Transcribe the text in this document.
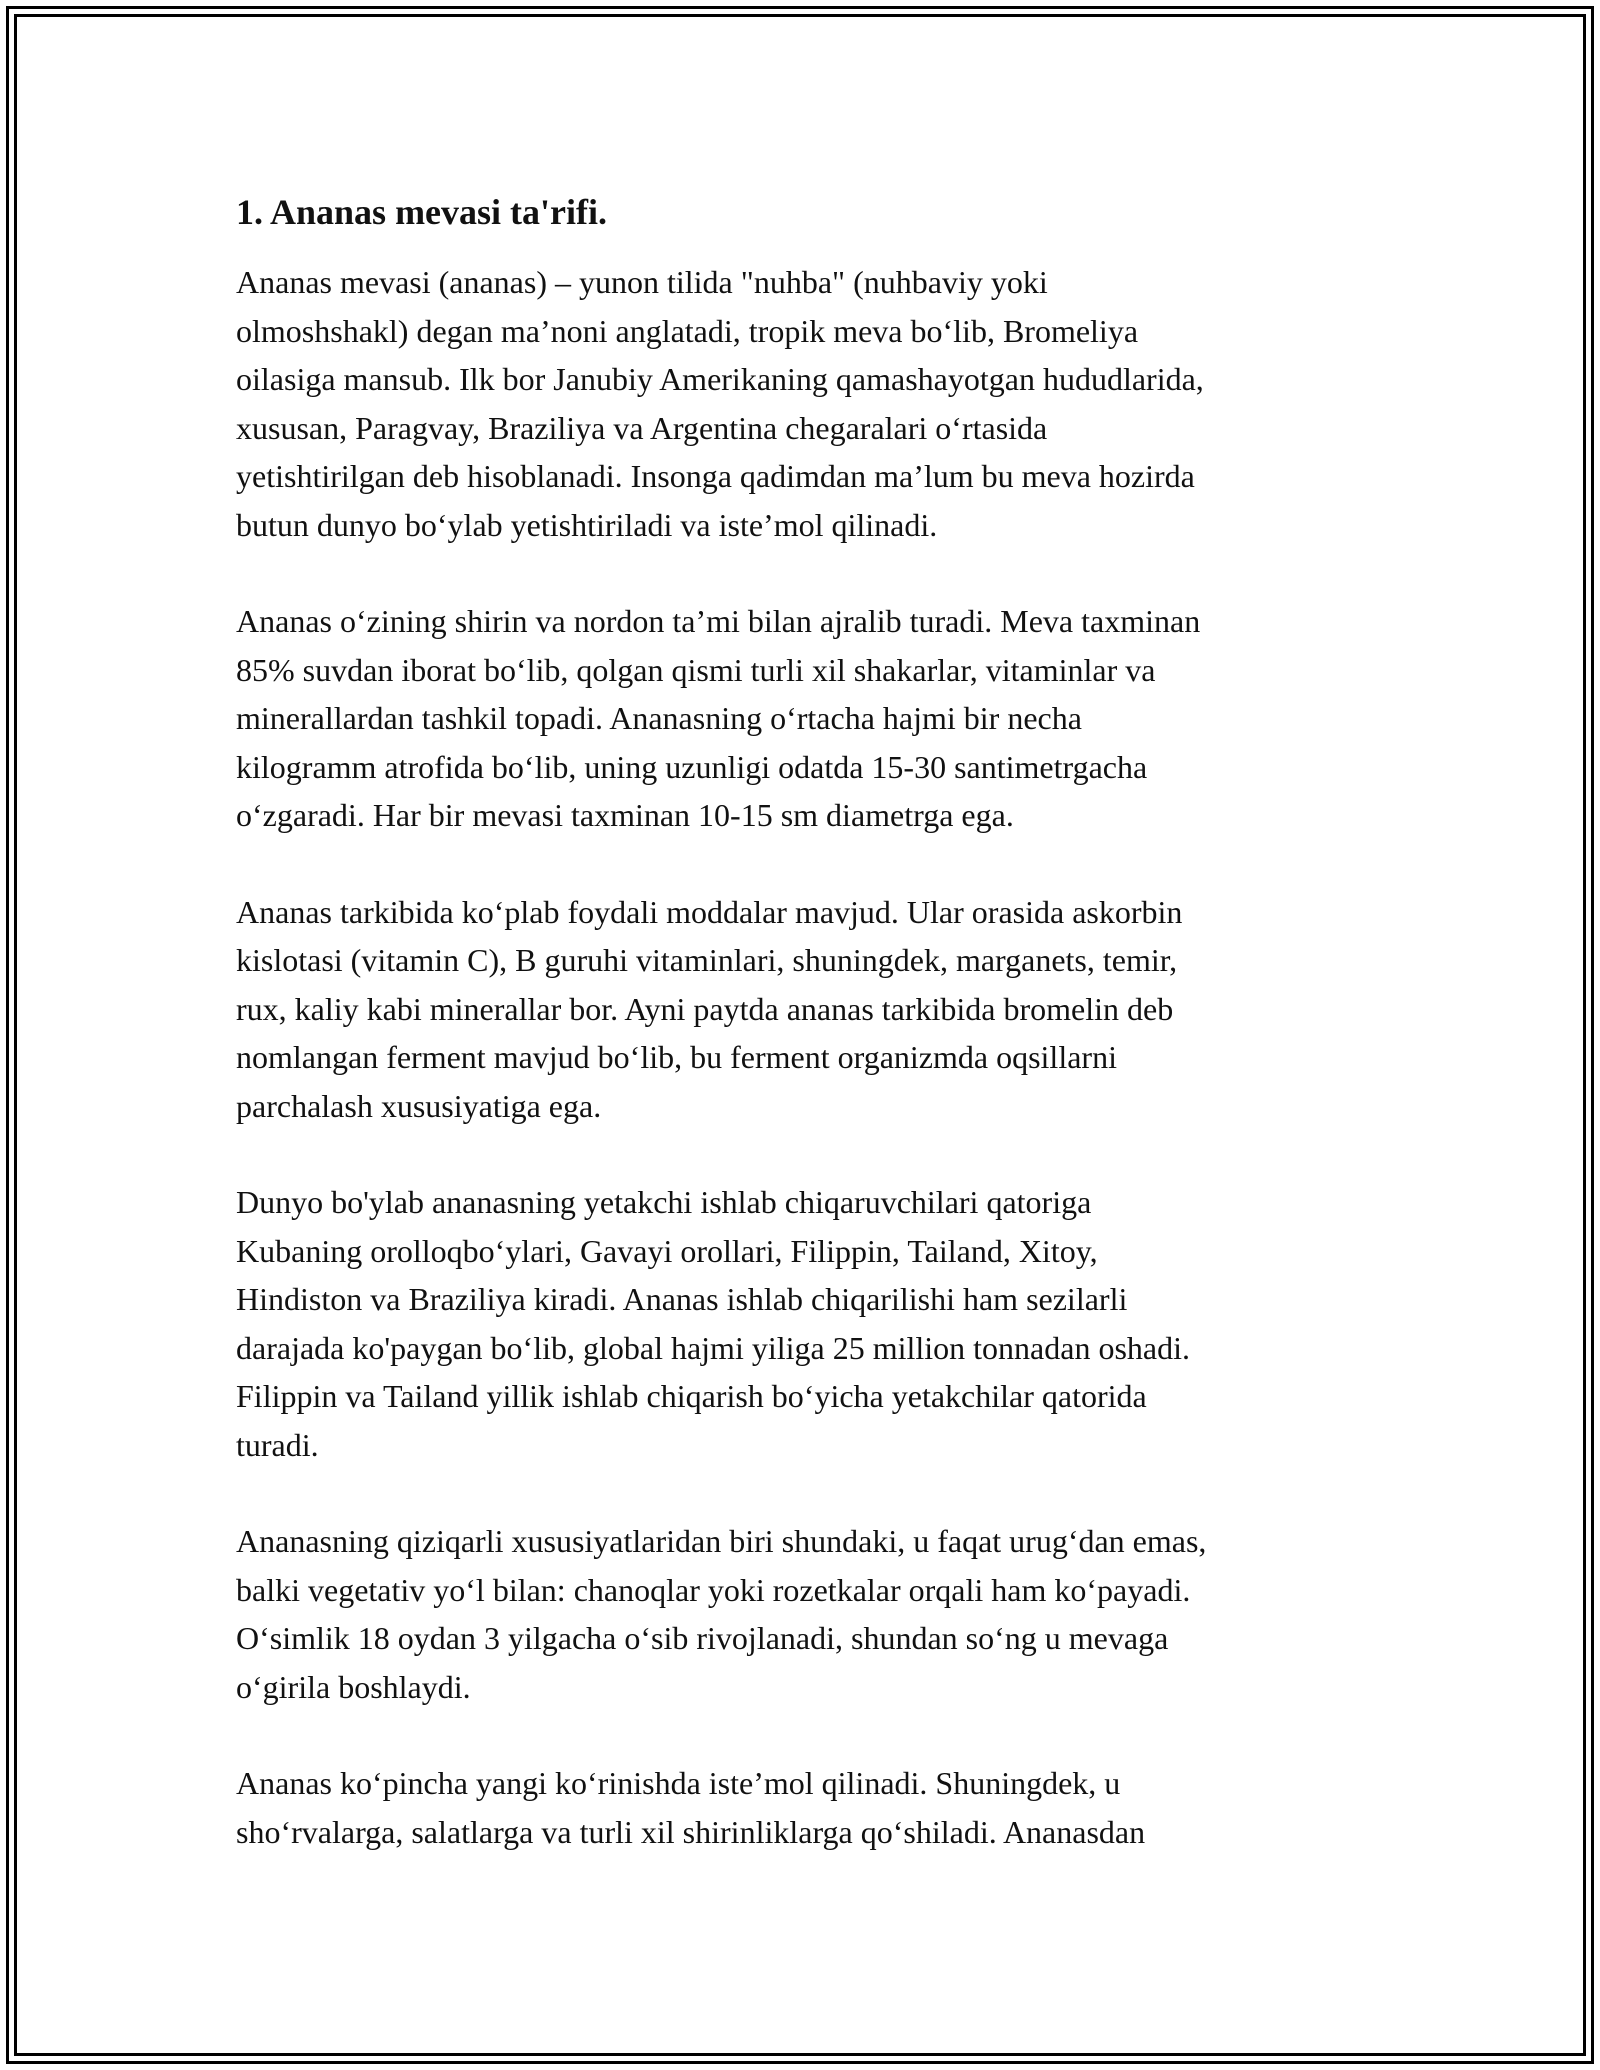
1. Ananas mevasi ta'rifi.

Ananas mevasi (ananas) – yunon tilida "nuhba" (nuhbaviy yoki
olmoshshakl) degan ma’noni anglatadi, tropik meva bo‘lib, Bromeliya
oilasiga mansub. Ilk bor Janubiy Amerikaning qamashayotgan hududlarida,
xususan, Paragvay, Braziliya va Argentina chegaralari o‘rtasida
yetishtirilgan deb hisoblanadi. Insonga qadimdan ma’lum bu meva hozirda
butun dunyo bo‘ylab yetishtiriladi va iste’mol qilinadi.

Ananas o‘zining shirin va nordon ta’mi bilan ajralib turadi. Meva taxminan
85% suvdan iborat bo‘lib, qolgan qismi turli xil shakarlar, vitaminlar va
minerallardan tashkil topadi. Ananasning o‘rtacha hajmi bir necha
kilogramm atrofida bo‘lib, uning uzunligi odatda 15-30 santimetrgacha
o‘zgaradi. Har bir mevasi taxminan 10-15 sm diametrga ega.

Ananas tarkibida ko‘plab foydali moddalar mavjud. Ular orasida askorbin
kislotasi (vitamin C), B guruhi vitaminlari, shuningdek, marganets, temir,
rux, kaliy kabi minerallar bor. Ayni paytda ananas tarkibida bromelin deb
nomlangan ferment mavjud bo‘lib, bu ferment organizmda oqsillarni
parchalash xususiyatiga ega.

Dunyo bo'ylab ananasning yetakchi ishlab chiqaruvchilari qatoriga
Kubaning orolloqbo‘ylari, Gavayi orollari, Filippin, Tailand, Xitoy,
Hindiston va Braziliya kiradi. Ananas ishlab chiqarilishi ham sezilarli
darajada ko'paygan bo‘lib, global hajmi yiliga 25 million tonnadan oshadi.
Filippin va Tailand yillik ishlab chiqarish bo‘yicha yetakchilar qatorida
turadi.

Ananasning qiziqarli xususiyatlaridan biri shundaki, u faqat urug‘dan emas,
balki vegetativ yo‘l bilan: chanoqlar yoki rozetkalar orqali ham ko‘payadi.
O‘simlik 18 oydan 3 yilgacha o‘sib rivojlanadi, shundan so‘ng u mevaga
o‘girila boshlaydi.

Ananas ko‘pincha yangi ko‘rinishda iste’mol qilinadi. Shuningdek, u
sho‘rvalarga, salatlarga va turli xil shirinliklarga qo‘shiladi. Ananasdan
